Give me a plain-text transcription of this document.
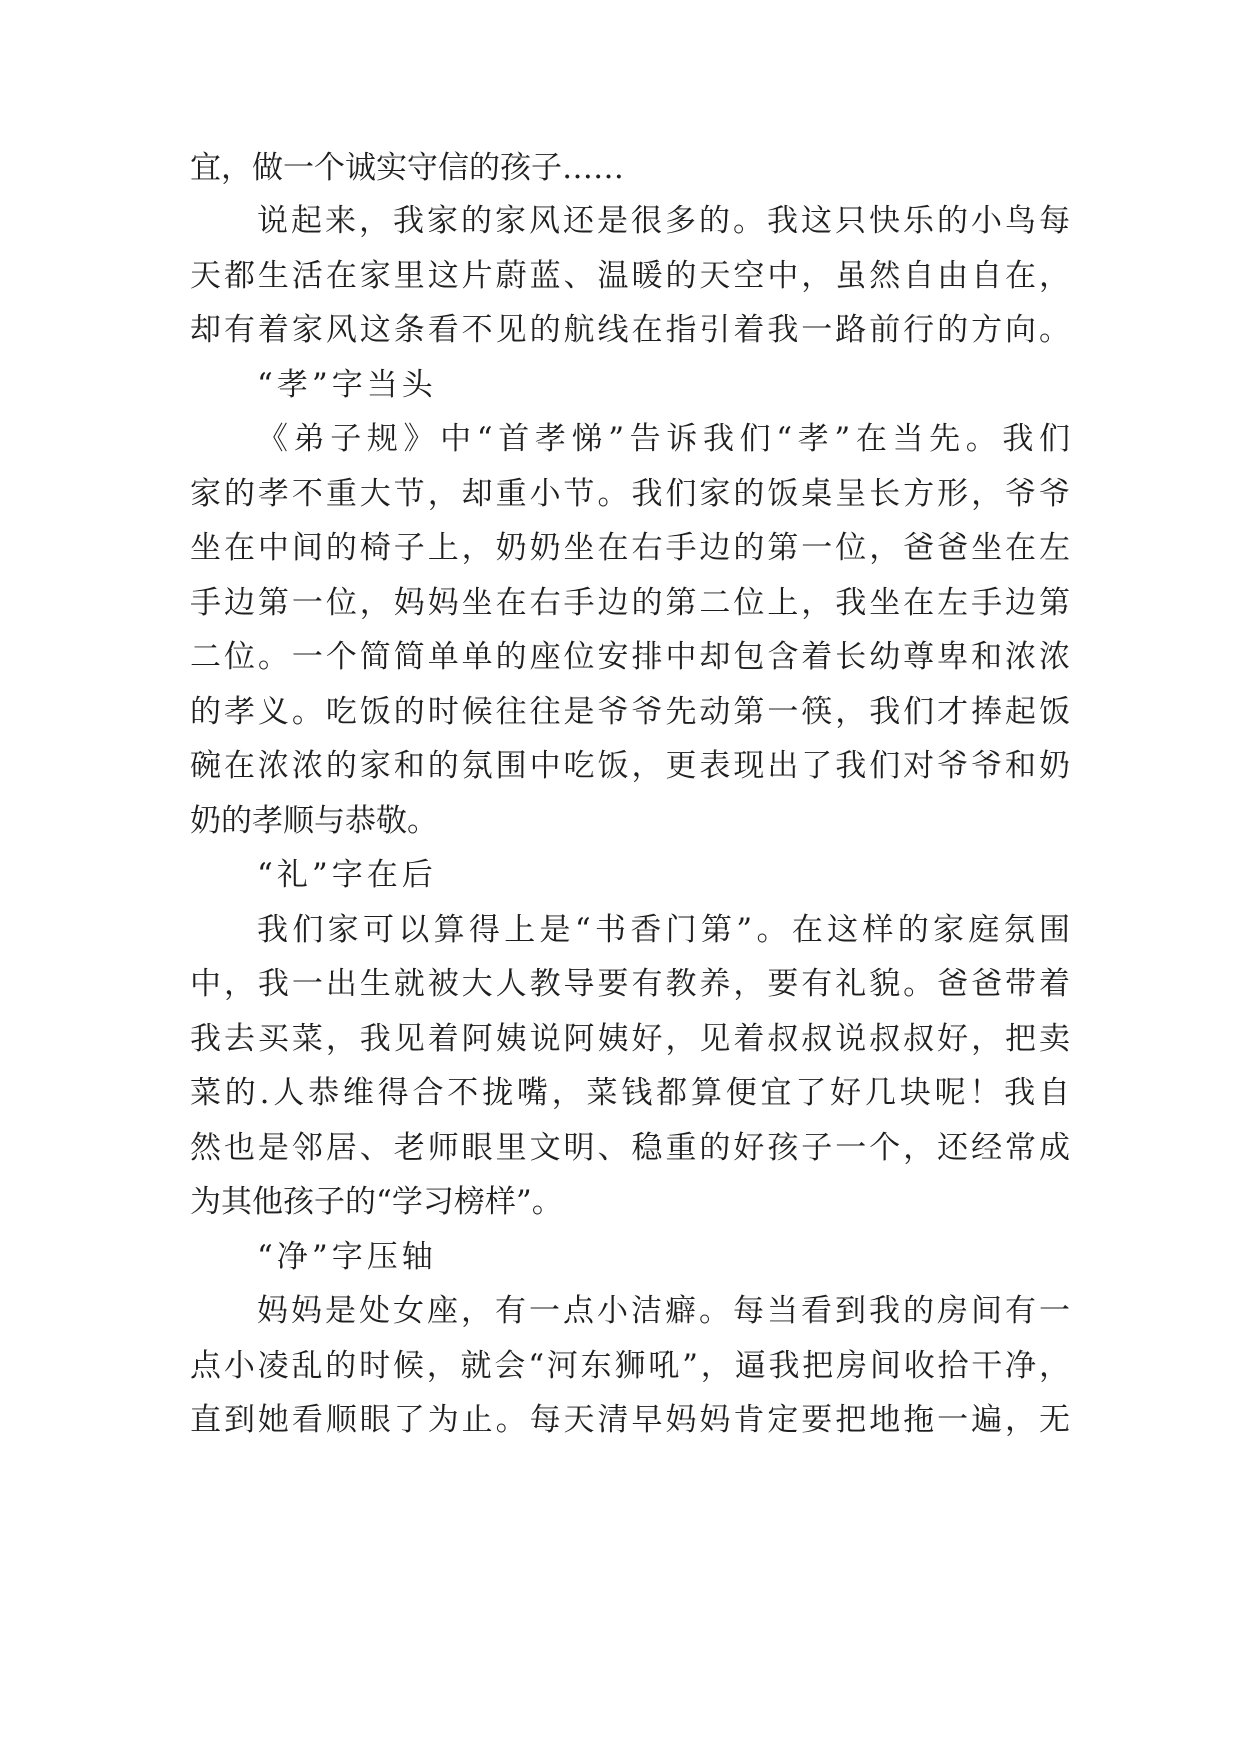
宜，做一个诚实守信的孩子……
说起来，我家的家风还是很多的。我这只快乐的小鸟每
天都生活在家里这片蔚蓝、温暖的天空中，虽然自由自在，
却有着家风这条看不见的航线在指引着我一路前行的方向。
“孝”字当头
《弟子规》中“首孝悌”告诉我们“孝”在当先。我们
家的孝不重大节，却重小节。我们家的饭桌呈长方形，爷爷
坐在中间的椅子上，奶奶坐在右手边的第一位，爸爸坐在左
手边第一位，妈妈坐在右手边的第二位上，我坐在左手边第
二位。一个简简单单的座位安排中却包含着长幼尊卑和浓浓
的孝义。吃饭的时候往往是爷爷先动第一筷，我们才捧起饭
碗在浓浓的家和的氛围中吃饭，更表现出了我们对爷爷和奶
奶的孝顺与恭敬。
“礼”字在后
我们家可以算得上是“书香门第”。在这样的家庭氛围
中，我一出生就被大人教导要有教养，要有礼貌。爸爸带着
我去买菜，我见着阿姨说阿姨好，见着叔叔说叔叔好，把卖
菜的.人恭维得合不拢嘴，菜钱都算便宜了好几块呢！我自
然也是邻居、老师眼里文明、稳重的好孩子一个，还经常成
为其他孩子的“学习榜样”。
“净”字压轴
妈妈是处女座，有一点小洁癖。每当看到我的房间有一
点小凌乱的时候，就会“河东狮吼”，逼我把房间收拾干净，
直到她看顺眼了为止。每天清早妈妈肯定要把地拖一遍，无
